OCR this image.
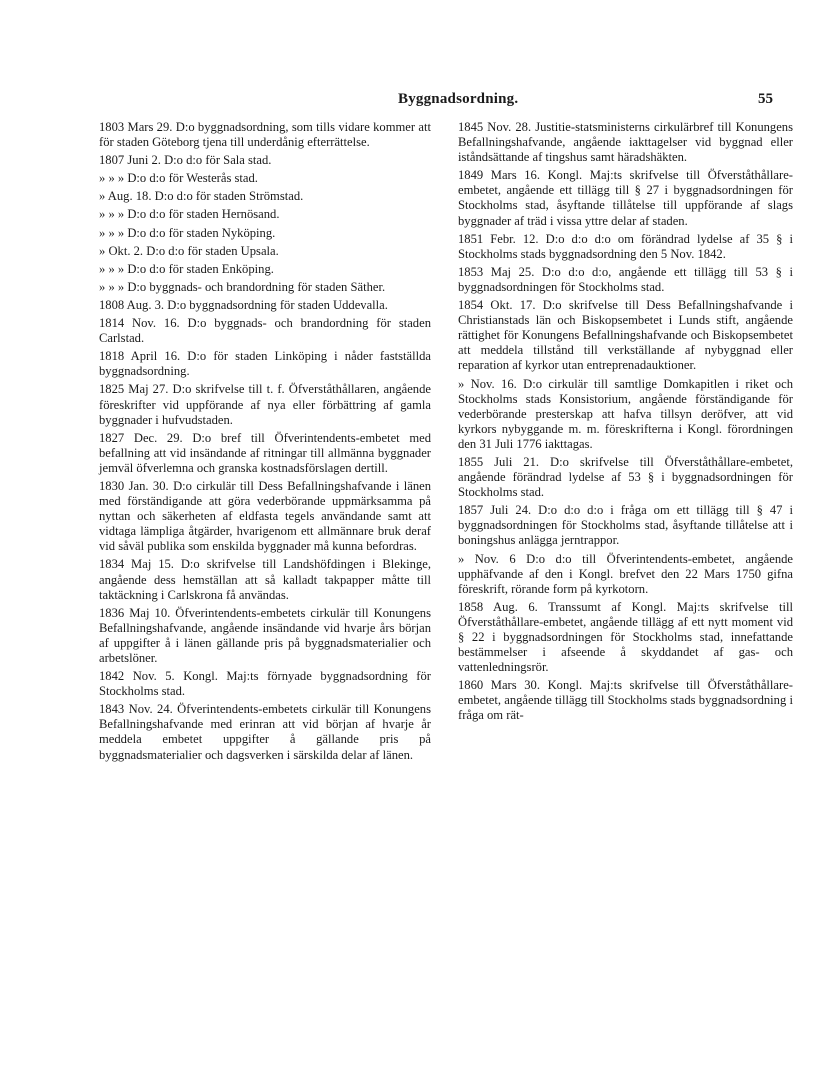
Byggnadsordning.	55

1803 Mars 29. D:o byggnadsordning, som tills vidare kommer att för staden Göteborg tjena till underdånig efterrättelse.

1807 Juni 2. D:o d:o för Sala stad.

» » » D:o d:o för Westerås stad.

» Aug. 18. D:o d:o för staden Strömstad.

» » » D:o d:o för staden Hernösand.

» » » D:o d:o för staden Nyköping.

» Okt. 2. D:o d:o för staden Upsala.

» » » D:o d:o för staden Enköping.

» » » D:o byggnads- och brandordning för staden Säther.

1808 Aug. 3. D:o byggnadsordning för staden Uddevalla.

1814 Nov. 16. D:o byggnads- och brandordning för staden Carlstad.

1818 April 16. D:o för staden Linköping i nåder fastställda byggnadsordning.

1825 Maj 27. D:o skrifvelse till t. f. Öfverståthållaren, angående föreskrifter vid uppförande af nya eller förbättring af gamla byggnader i hufvudstaden.

1827 Dec. 29. D:o bref till Öfverintendents-embetet med befallning att vid insändande af ritningar till allmänna byggnader jemväl öfverlemna och granska kostnadsförslagen dertill.

1830 Jan. 30. D:o cirkulär till Dess Befallningshafvande i länen med förständigande att göra vederbörande uppmärksamma på nyttan och säkerheten af eldfasta tegels användande samt att vidtaga lämpliga åtgärder, hvarigenom ett allmännare bruk deraf vid såväl publika som enskilda byggnader må kunna befordras.

1834 Maj 15. D:o skrifvelse till Landshöfdingen i Blekinge, angående dess hemställan att så kalladt takpapper måtte till taktäckning i Carlskrona få användas.

1836 Maj 10. Öfverintendents-embetets cirkulär till Konungens Befallningshafvande, angående insändande vid hvarje års början af uppgifter å i länen gällande pris på byggnadsmaterialier och arbetslöner.

1842 Nov. 5. Kongl. Maj:ts förnyade byggnadsordning för Stockholms stad.

1843 Nov. 24. Öfverintendents-embetets cirkulär till Konungens Befallningshafvande med erinran att vid början af hvarje år meddela embetet uppgifter å gällande pris på byggnadsmaterialier och dagsverken i särskilda delar af länen.

1845 Nov. 28. Justitie-statsministerns cirkulärbref till Konungens Befallningshafvande, angående iakttagelser vid byggnad eller iståndsättande af tingshus samt häradshäkten.

1849 Mars 16. Kongl. Maj:ts skrifvelse till Öfverståthållare-embetet, angående ett tillägg till § 27 i byggnadsordningen för Stockholms stad, åsyftande tillåtelse till uppförande af slags byggnader af träd i vissa yttre delar af staden.

1851 Febr. 12. D:o d:o d:o om förändrad lydelse af 35 § i Stockholms stads byggnadsordning den 5 Nov. 1842.

1853 Maj 25. D:o d:o d:o, angående ett tillägg till 53 § i byggnadsordningen för Stockholms stad.

1854 Okt. 17. D:o skrifvelse till Dess Befallningshafvande i Christianstads län och Biskopsembetet i Lunds stift, angående rättighet för Konungens Befallningshafvande och Biskopsembetet att meddela tillstånd till verkställande af nybyggnad eller reparation af kyrkor utan entreprenadauktioner.

» Nov. 16. D:o cirkulär till samtlige Domkapitlen i riket och Stockholms stads Konsistorium, angående förständigande för vederbörande presterskap att hafva tillsyn deröfver, att vid kyrkors nybyggande m. m. föreskrifterna i Kongl. förordningen den 31 Juli 1776 iakttagas.

1855 Juli 21. D:o skrifvelse till Öfverståthållare-embetet, angående förändrad lydelse af 53 § i byggnadsordningen för Stockholms stad.

1857 Juli 24. D:o d:o d:o i fråga om ett tillägg till § 47 i byggnadsordningen för Stockholms stad, åsyftande tillåtelse att i boningshus anlägga jerntrappor.

» Nov. 6 D:o d:o till Öfverintendents-embetet, angående upphäfvande af den i Kongl. brefvet den 22 Mars 1750 gifna föreskrift, rörande form på kyrkotorn.

1858 Aug. 6. Transsumt af Kongl. Maj:ts skrifvelse till Öfverståthållare-embetet, angående tillägg af ett nytt moment vid § 22 i byggnadsordningen för Stockholms stad, innefattande bestämmelser i afseende å skyddandet af gas- och vattenledningsrör.

1860 Mars 30. Kongl. Maj:ts skrifvelse till Öfverståthållare-embetet, angående tillägg till Stockholms stads byggnadsordning i fråga om rät-
